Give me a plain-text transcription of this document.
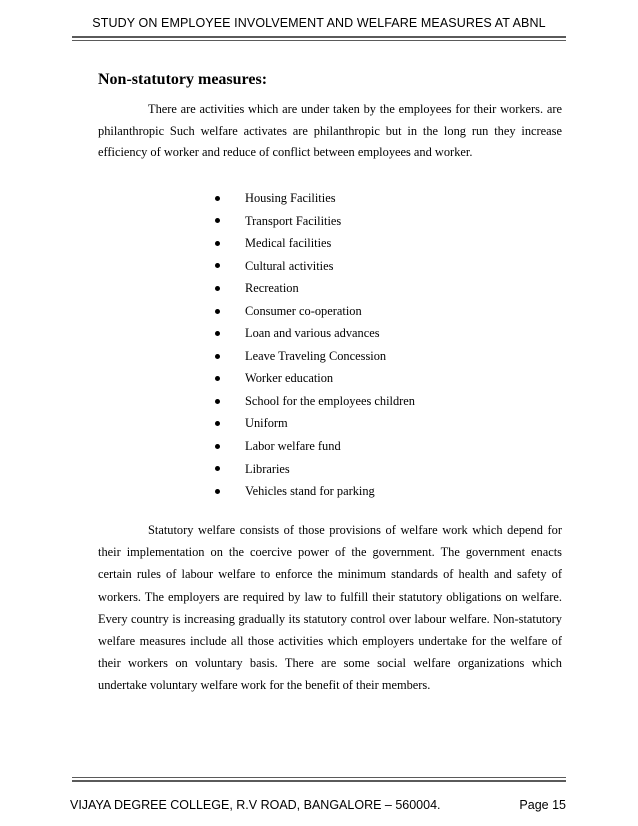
STUDY ON EMPLOYEE INVOLVEMENT AND WELFARE MEASURES AT ABNL
Non-statutory measures:

There are activities which are under taken by the employees for their workers. are philanthropic Such welfare activates are philanthropic but in the long run they increase efficiency of worker and reduce of conflict between employees and worker.

Housing Facilities
Transport Facilities
Medical facilities
Cultural activities
Recreation
Consumer co-operation
Loan and various advances
Leave Traveling Concession
Worker education
School for the employees children
Uniform
Labor welfare fund
Libraries
Vehicles stand for parking

Statutory welfare consists of those provisions of welfare work which depend for their implementation on the coercive power of the government. The government enacts certain rules of labour welfare to enforce the minimum standards of health and safety of workers. The employers are required by law to fulfill their statutory obligations on welfare. Every country is increasing gradually its statutory control over labour welfare. Non-statutory welfare measures include all those activities which employers undertake for the welfare of their workers on voluntary basis. There are some social welfare organizations which undertake voluntary welfare work for the benefit of their members.

VIJAYA DEGREE COLLEGE, R.V ROAD, BANGALORE – 560004.	Page 15
